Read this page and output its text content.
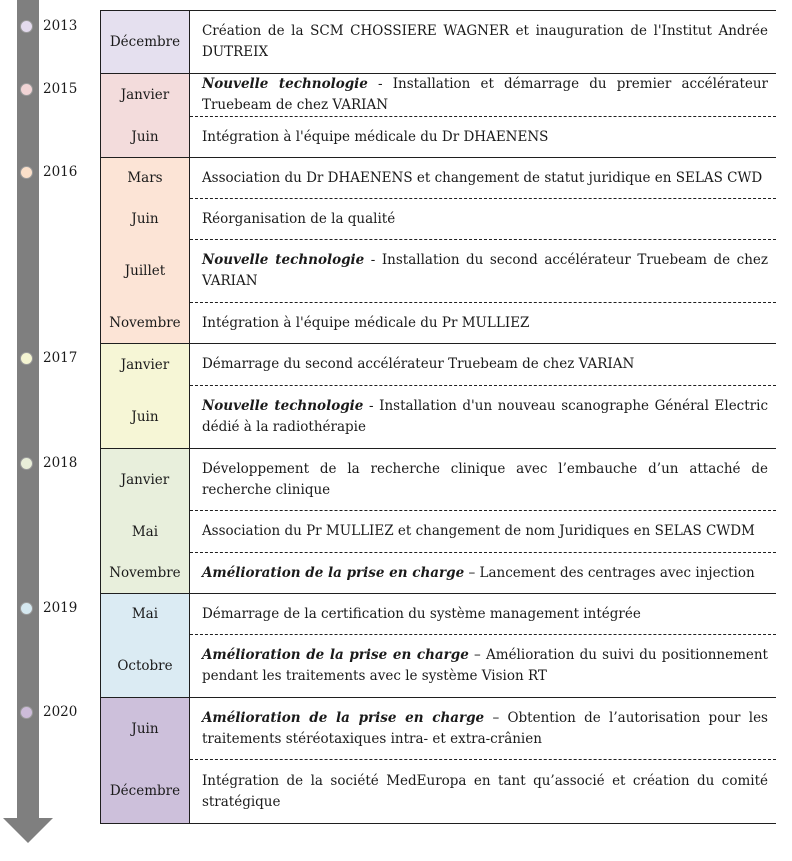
2013
2015
2016
2017
2018
2019
2020
Décembre	Création de la SCM CHOSSIERE WAGNER et inauguration de l'Institut Andrée DUTREIX
Janvier	Nouvelle technologie - Installation et démarrage du premier accélérateur Truebeam de chez VARIAN
Juin	Intégration à l'équipe médicale du Dr DHAENENS
Mars	Association du Dr DHAENENS et changement de statut juridique en SELAS CWD
Juin	Réorganisation de la qualité
Juillet	Nouvelle technologie - Installation du second accélérateur Truebeam de chez VARIAN
Novembre	Intégration à l'équipe médicale du Pr MULLIEZ
Janvier	Démarrage du second accélérateur Truebeam de chez VARIAN
Juin	Nouvelle technologie - Installation d'un nouveau scanographe Général Electric dédié à la radiothérapie
Janvier	Développement de la recherche clinique avec l’embauche d’un attaché de recherche clinique
Mai	Association du Pr MULLIEZ et changement de nom Juridiques en SELAS CWDM
Novembre	Amélioration de la prise en charge – Lancement des centrages avec injection
Mai	Démarrage de la certification du système management intégrée
Octobre	Amélioration de la prise en charge – Amélioration du suivi du positionnement pendant les traitements avec le système Vision RT
Juin	Amélioration de la prise en charge – Obtention de l’autorisation pour les traitements stéréotaxiques intra- et extra-crânien
Décembre	Intégration de la société MedEuropa en tant qu’associé et création du comité stratégique
